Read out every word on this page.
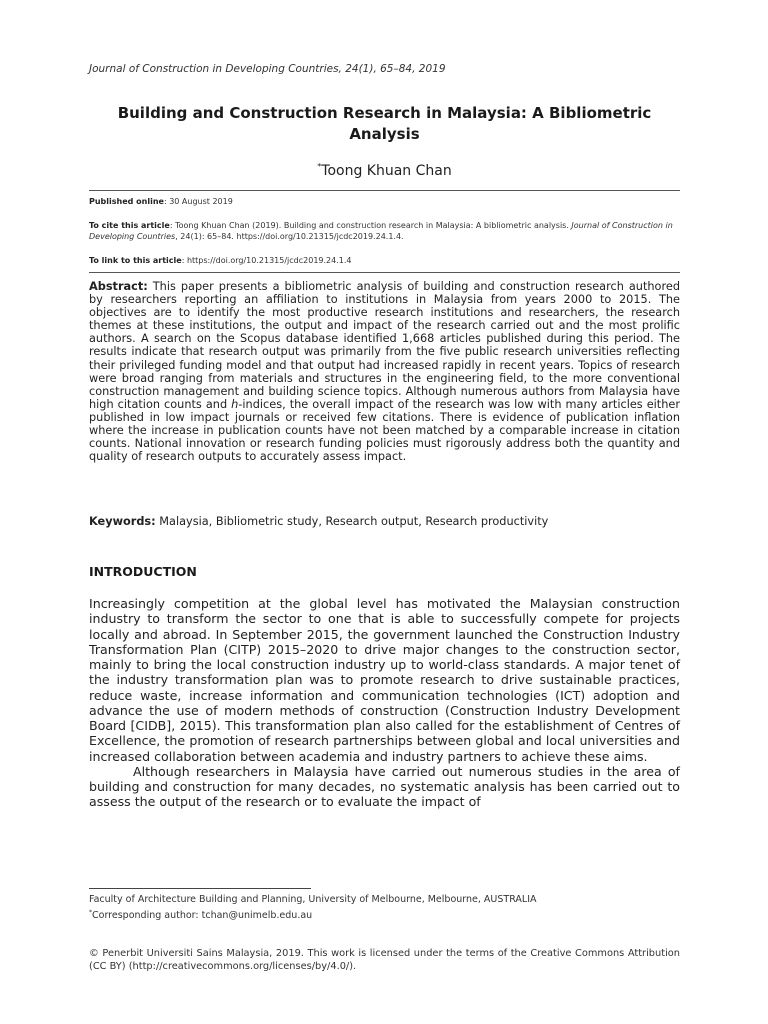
Journal of Construction in Developing Countries, 24(1), 65–84, 2019
Building and Construction Research in Malaysia: A Bibliometric
Analysis
*Toong Khuan Chan
Published online: 30 August 2019
To cite this article: Toong Khuan Chan (2019). Building and construction research in Malaysia: A bibliometric analysis. Journal of Construction in Developing Countries, 24(1): 65–84. https://doi.org/10.21315/jcdc2019.24.1.4.
To link to this article: https://doi.org/10.21315/jcdc2019.24.1.4
Abstract: This paper presents a bibliometric analysis of building and construction research authored by researchers reporting an affiliation to institutions in Malaysia from years 2000 to 2015. The objectives are to identify the most productive research institutions and researchers, the research themes at these institutions, the output and impact of the research carried out and the most prolific authors. A search on the Scopus database identified 1,668 articles published during this period. The results indicate that research output was primarily from the five public research universities reflecting their privileged funding model and that output had increased rapidly in recent years. Topics of research were broad ranging from materials and structures in the engineering field, to the more conventional construction management and building science topics. Although numerous authors from Malaysia have high citation counts and h-indices, the overall impact of the research was low with many articles either published in low impact journals or received few citations. There is evidence of publication inflation where the increase in publication counts have not been matched by a comparable increase in citation counts. National innovation or research funding policies must rigorously address both the quantity and quality of research outputs to accurately assess impact.
Keywords: Malaysia, Bibliometric study, Research output, Research productivity
INTRODUCTION

Increasingly competition at the global level has motivated the Malaysian construction industry to transform the sector to one that is able to successfully compete for projects locally and abroad. In September 2015, the government launched the Construction Industry Transformation Plan (CITP) 2015–2020 to drive major changes to the construction sector, mainly to bring the local construction industry up to world-class standards. A major tenet of the industry transformation plan was to promote research to drive sustainable practices, reduce waste, increase information and communication technologies (ICT) adoption and advance the use of modern methods of construction (Construction Industry Development Board [CIDB], 2015). This transformation plan also called for the establishment of Centres of Excellence, the promotion of research partnerships between global and local universities and increased collaboration between academia and industry partners to achieve these aims.

Although researchers in Malaysia have carried out numerous studies in the area of building and construction for many decades, no systematic analysis has been carried out to assess the output of the research or to evaluate the impact of

Faculty of Architecture Building and Planning, University of Melbourne, Melbourne, AUSTRALIA
*Corresponding author: tchan@unimelb.edu.au
© Penerbit Universiti Sains Malaysia, 2019. This work is licensed under the terms of the Creative Commons Attribution (CC BY) (http://creativecommons.org/licenses/by/4.0/).
